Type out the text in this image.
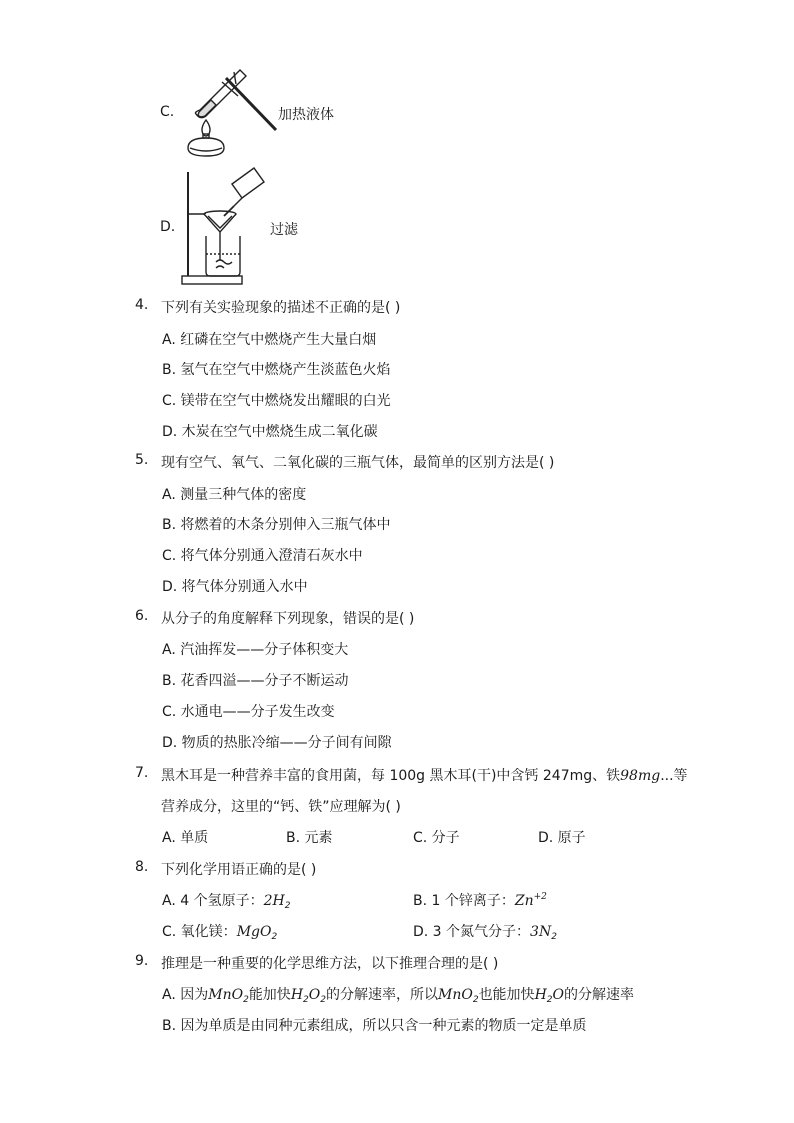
C.	加热液体
D.	过滤
4. 下列有关实验现象的描述不正确的是( )
A. 红磷在空气中燃烧产生大量白烟
B. 氢气在空气中燃烧产生淡蓝色火焰
C. 镁带在空气中燃烧发出耀眼的白光
D. 木炭在空气中燃烧生成二氧化碳
5. 现有空气、氧气、二氧化碳的三瓶气体，最简单的区别方法是( )
A. 测量三种气体的密度
B. 将燃着的木条分别伸入三瓶气体中
C. 将气体分别通入澄清石灰水中
D. 将气体分别通入水中
6. 从分子的角度解释下列现象，错误的是( )
A. 汽油挥发——分子体积变大
B. 花香四溢——分子不断运动
C. 水通电——分子发生改变
D. 物质的热胀冷缩——分子间有间隙
7. 黑木耳是一种营养丰富的食用菌，每 100g 黑木耳(干)中含钙 247mg、铁98mg...等
营养成分，这里的“钙、铁”应理解为( )
A. 单质	B. 元素	C. 分子	D. 原子
8. 下列化学用语正确的是( )
A. 4 个氢原子：$2H_2$	B. 1 个锌离子：$Zn^{+2}$
C. 氧化镁：MgO$_2$	D. 3 个氮气分子：$3N_2$
9. 推理是一种重要的化学思维方法，以下推理合理的是( )
A. 因为MnO$_2$能加快$H_2O_2$的分解速率，所以MnO$_2$也能加快$H_2O$的分解速率
B. 因为单质是由同种元素组成，所以只含一种元素的物质一定是单质
